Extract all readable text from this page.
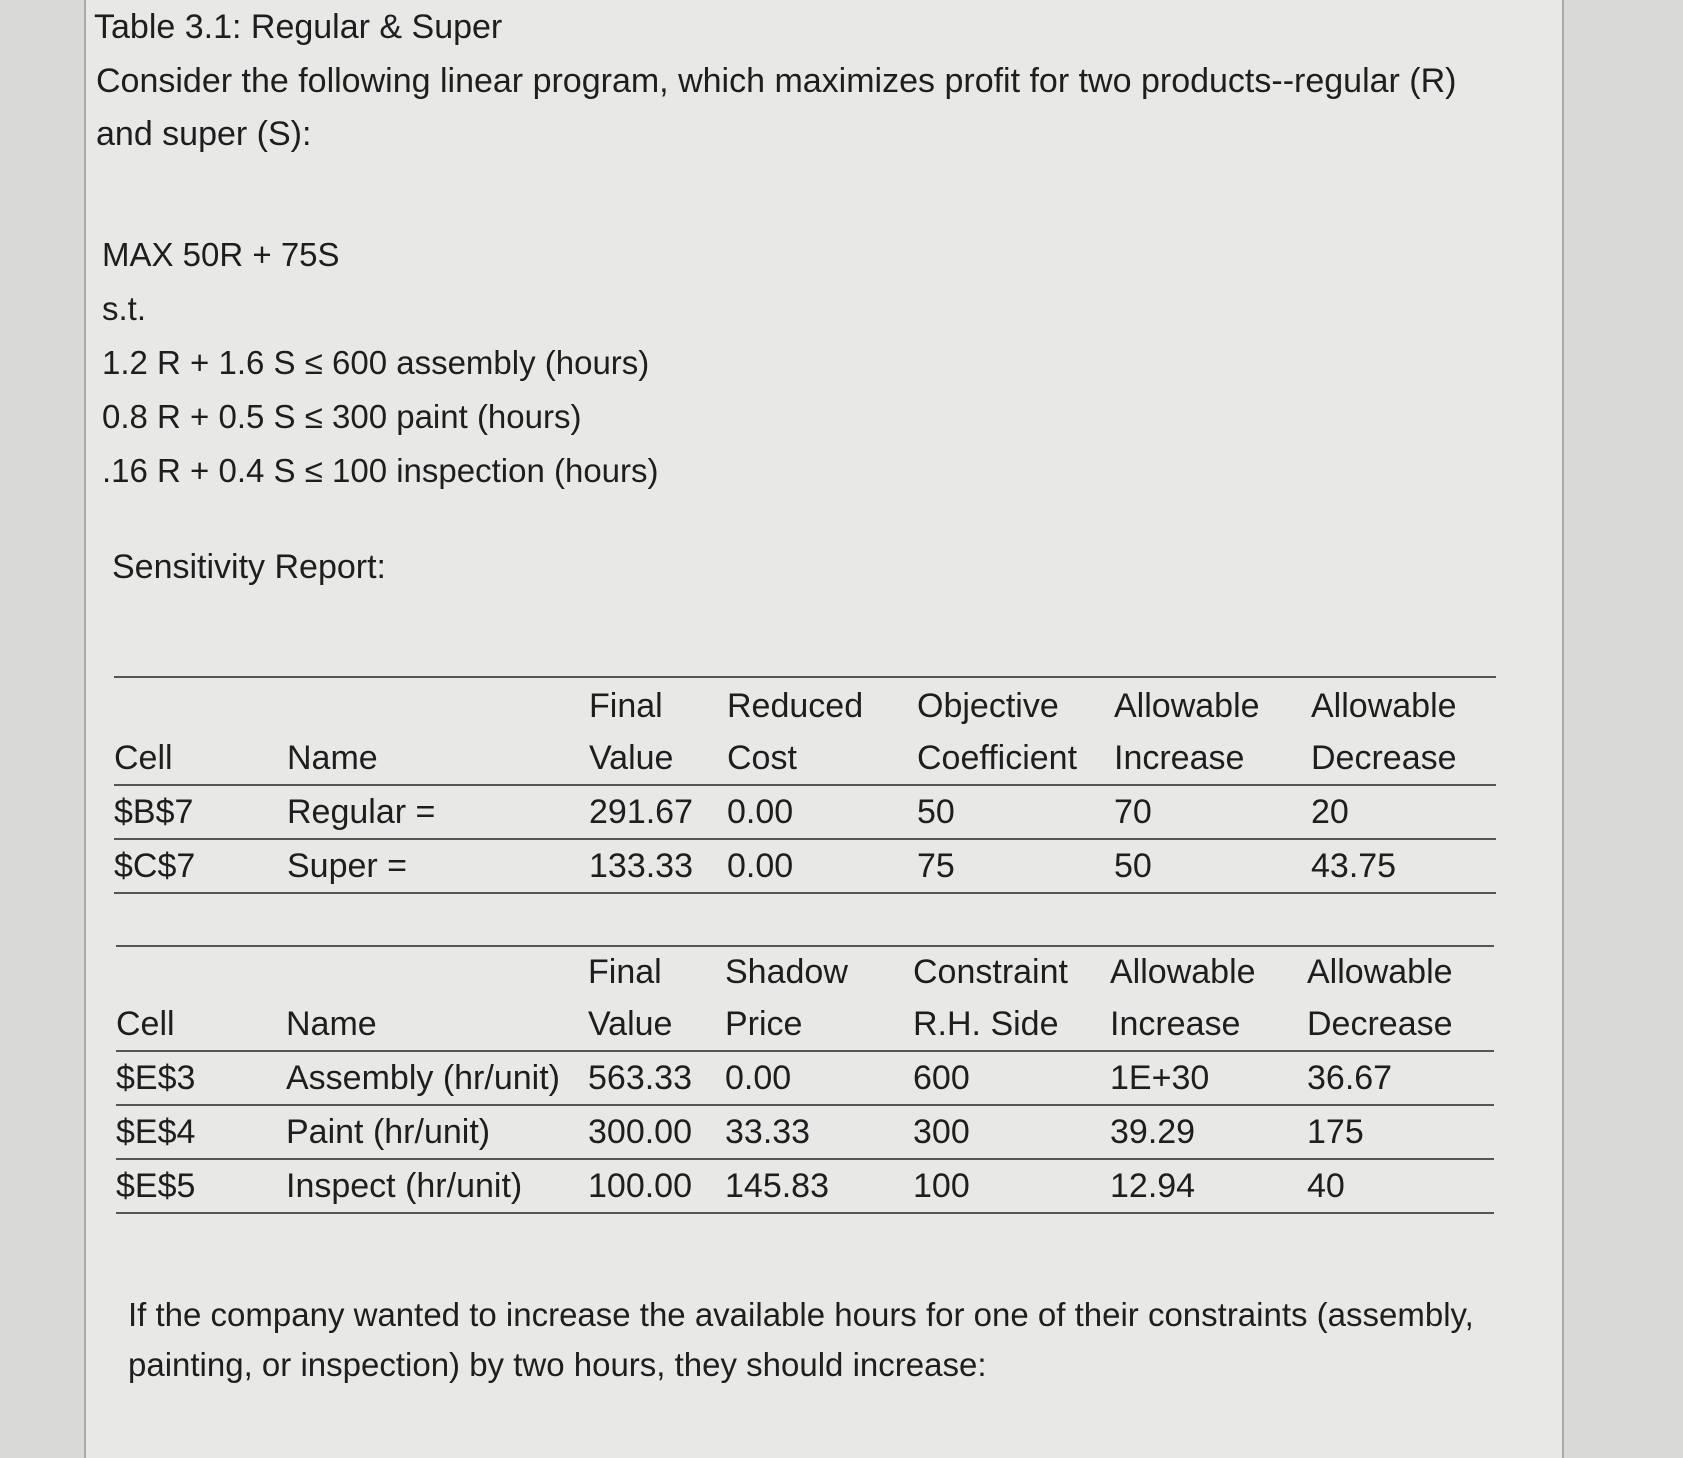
Table 3.1: Regular & Super
Consider the following linear program, which maximizes profit for two products--regular (R)
and super (S):
MAX 50R + 75S
s.t.
1.2 R + 1.6 S ≤ 600 assembly (hours)
0.8 R + 0.5 S ≤ 300 paint (hours)
.16 R + 0.4 S ≤ 100 inspection (hours)
Sensitivity Report:
		Final	Reduced	Objective	Allowable	Allowable
Cell	Name	Value	Cost	Coefficient	Increase	Decrease
$B$7	Regular =	291.67	0.00	50	70	20
$C$7	Super =	133.33	0.00	75	50	43.75
		Final	Shadow	Constraint	Allowable	Allowable
Cell	Name	Value	Price	R.H. Side	Increase	Decrease
$E$3	Assembly (hr/unit)	563.33	0.00	600	1E+30	36.67
$E$4	Paint (hr/unit)	300.00	33.33	300	39.29	175
$E$5	Inspect (hr/unit)	100.00	145.83	100	12.94	40
If the company wanted to increase the available hours for one of their constraints (assembly, painting, or inspection) by two hours, they should increase:
